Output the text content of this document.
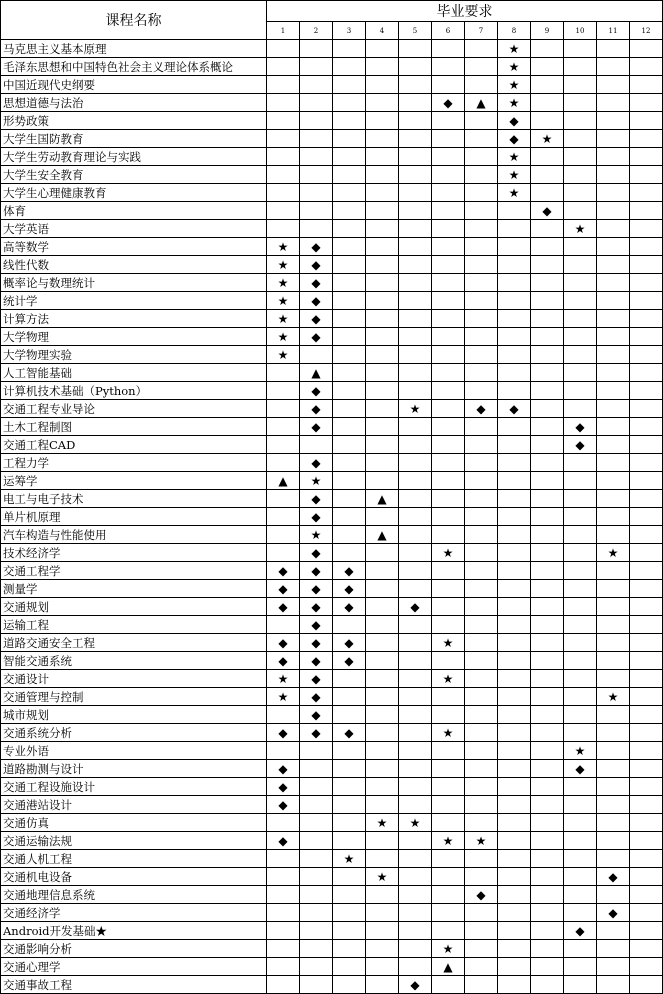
课程名称	毕业要求											
	1	2	3	4	5	6	7	8	9	10	11	12
马克思主义基本原理								★				
毛泽东思想和中国特色社会主义理论体系概论								★				
中国近现代史纲要								★				
思想道德与法治						◆	▲	★				
形势政策								◆				
大学生国防教育								◆	★			
大学生劳动教育理论与实践								★				
大学生安全教育								★				
大学生心理健康教育								★				
体育									◆			
大学英语										★		
高等数学	★	◆										
线性代数	★	◆										
概率论与数理统计	★	◆										
统计学	★	◆										
计算方法	★	◆										
大学物理	★	◆										
大学物理实验	★											
人工智能基础		▲										
计算机技术基础（Python）		◆										
交通工程专业导论		◆			★		◆	◆				
土木工程制图		◆								◆		
交通工程CAD										◆		
工程力学		◆										
运筹学	▲	★										
电工与电子技术		◆		▲								
单片机原理		◆										
汽车构造与性能使用		★		▲								
技术经济学		◆				★					★	
交通工程学	◆	◆	◆									
测量学	◆	◆	◆									
交通规划	◆	◆	◆		◆							
运输工程		◆										
道路交通安全工程	◆	◆	◆			★						
智能交通系统	◆	◆	◆									
交通设计	★	◆				★						
交通管理与控制	★	◆									★	
城市规划		◆										
交通系统分析	◆	◆	◆			★						
专业外语										★		
道路勘测与设计	◆									◆		
交通工程设施设计	◆											
交通港站设计	◆											
交通仿真				★	★							
交通运输法规	◆					★	★					
交通人机工程			★									
交通机电设备				★							◆	
交通地理信息系统							◆					
交通经济学											◆	
Android开发基础★										◆		
交通影响分析						★						
交通心理学						▲						
交通事故工程					◆							
